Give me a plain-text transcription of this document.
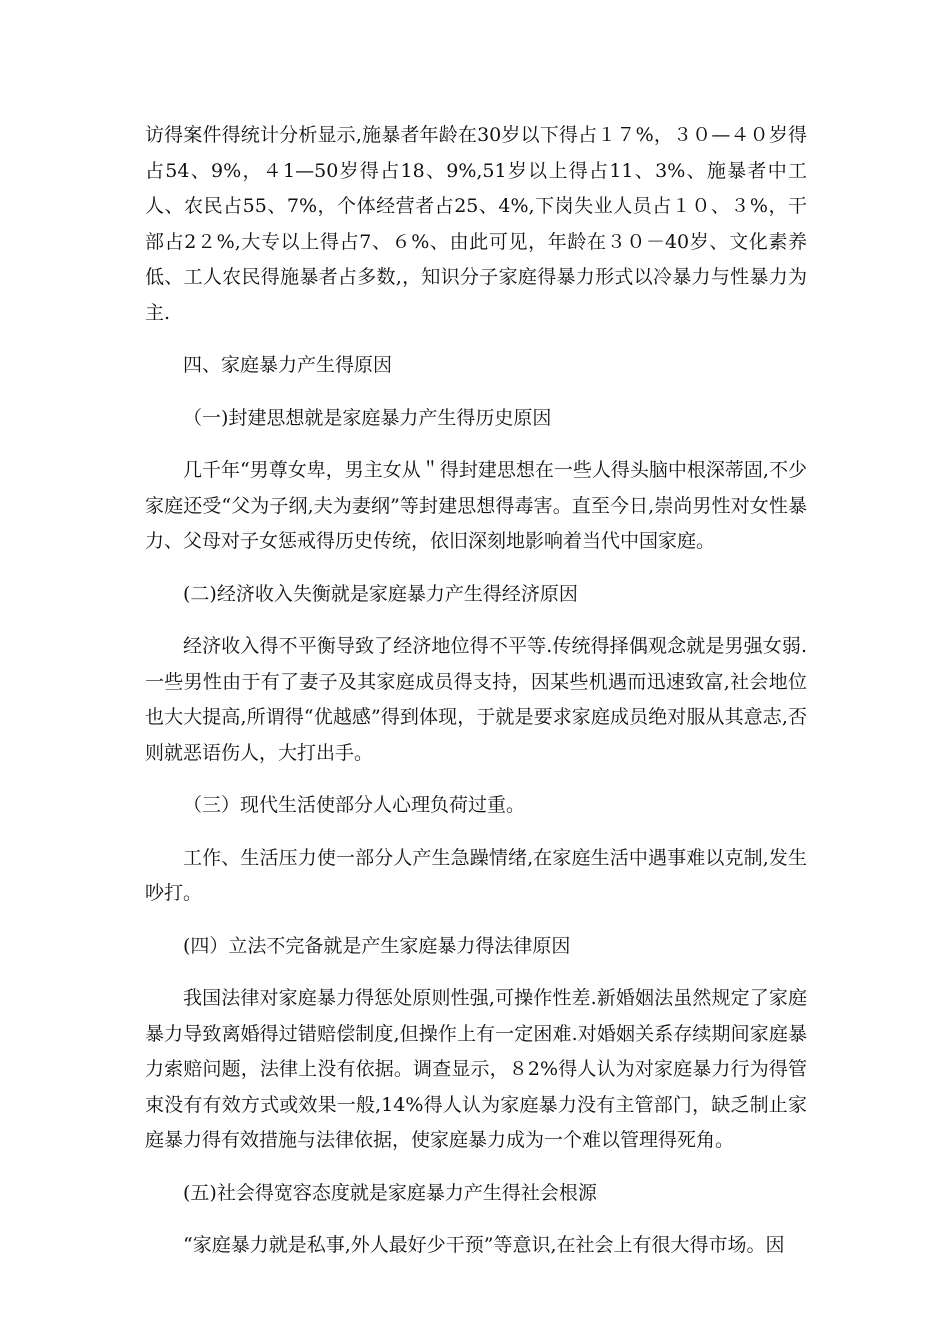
访得案件得统计分析显示,施暴者年龄在30岁以下得占１７%，３０—４０岁得占54、9%，４1—50岁得占18、9%,51岁以上得占11、3%、施暴者中工人、农民占55、7%，个体经营者占25、4%,下岗失业人员占１０、３%，干部占2２%,大专以上得占7、６%、由此可见，年龄在３０－40岁、文化素养低、工人农民得施暴者占多数,，知识分子家庭得暴力形式以冷暴力与性暴力为主.

四、家庭暴力产生得原因

（一)封建思想就是家庭暴力产生得历史原因

几千年“男尊女卑，男主女从＂得封建思想在一些人得头脑中根深蒂固,不少家庭还受“父为子纲,夫为妻纲”等封建思想得毒害。直至今日,崇尚男性对女性暴力、父母对子女惩戒得历史传统，依旧深刻地影响着当代中国家庭。

(二)经济收入失衡就是家庭暴力产生得经济原因

经济收入得不平衡导致了经济地位得不平等.传统得择偶观念就是男强女弱.一些男性由于有了妻子及其家庭成员得支持，因某些机遇而迅速致富,社会地位也大大提高,所谓得“优越感”得到体现，于就是要求家庭成员绝对服从其意志,否则就恶语伤人，大打出手。

（三）现代生活使部分人心理负荷过重。

工作、生活压力使一部分人产生急躁情绪,在家庭生活中遇事难以克制,发生吵打。

(四）立法不完备就是产生家庭暴力得法律原因

我国法律对家庭暴力得惩处原则性强,可操作性差.新婚姻法虽然规定了家庭暴力导致离婚得过错赔偿制度,但操作上有一定困难.对婚姻关系存续期间家庭暴力索赔问题，法律上没有依据。调查显示，８2%得人认为对家庭暴力行为得管束没有有效方式或效果一般,14%得人认为家庭暴力没有主管部门，缺乏制止家庭暴力得有效措施与法律依据，使家庭暴力成为一个难以管理得死角。

(五)社会得宽容态度就是家庭暴力产生得社会根源

“家庭暴力就是私事,外人最好少干预”等意识,在社会上有很大得市场。因
